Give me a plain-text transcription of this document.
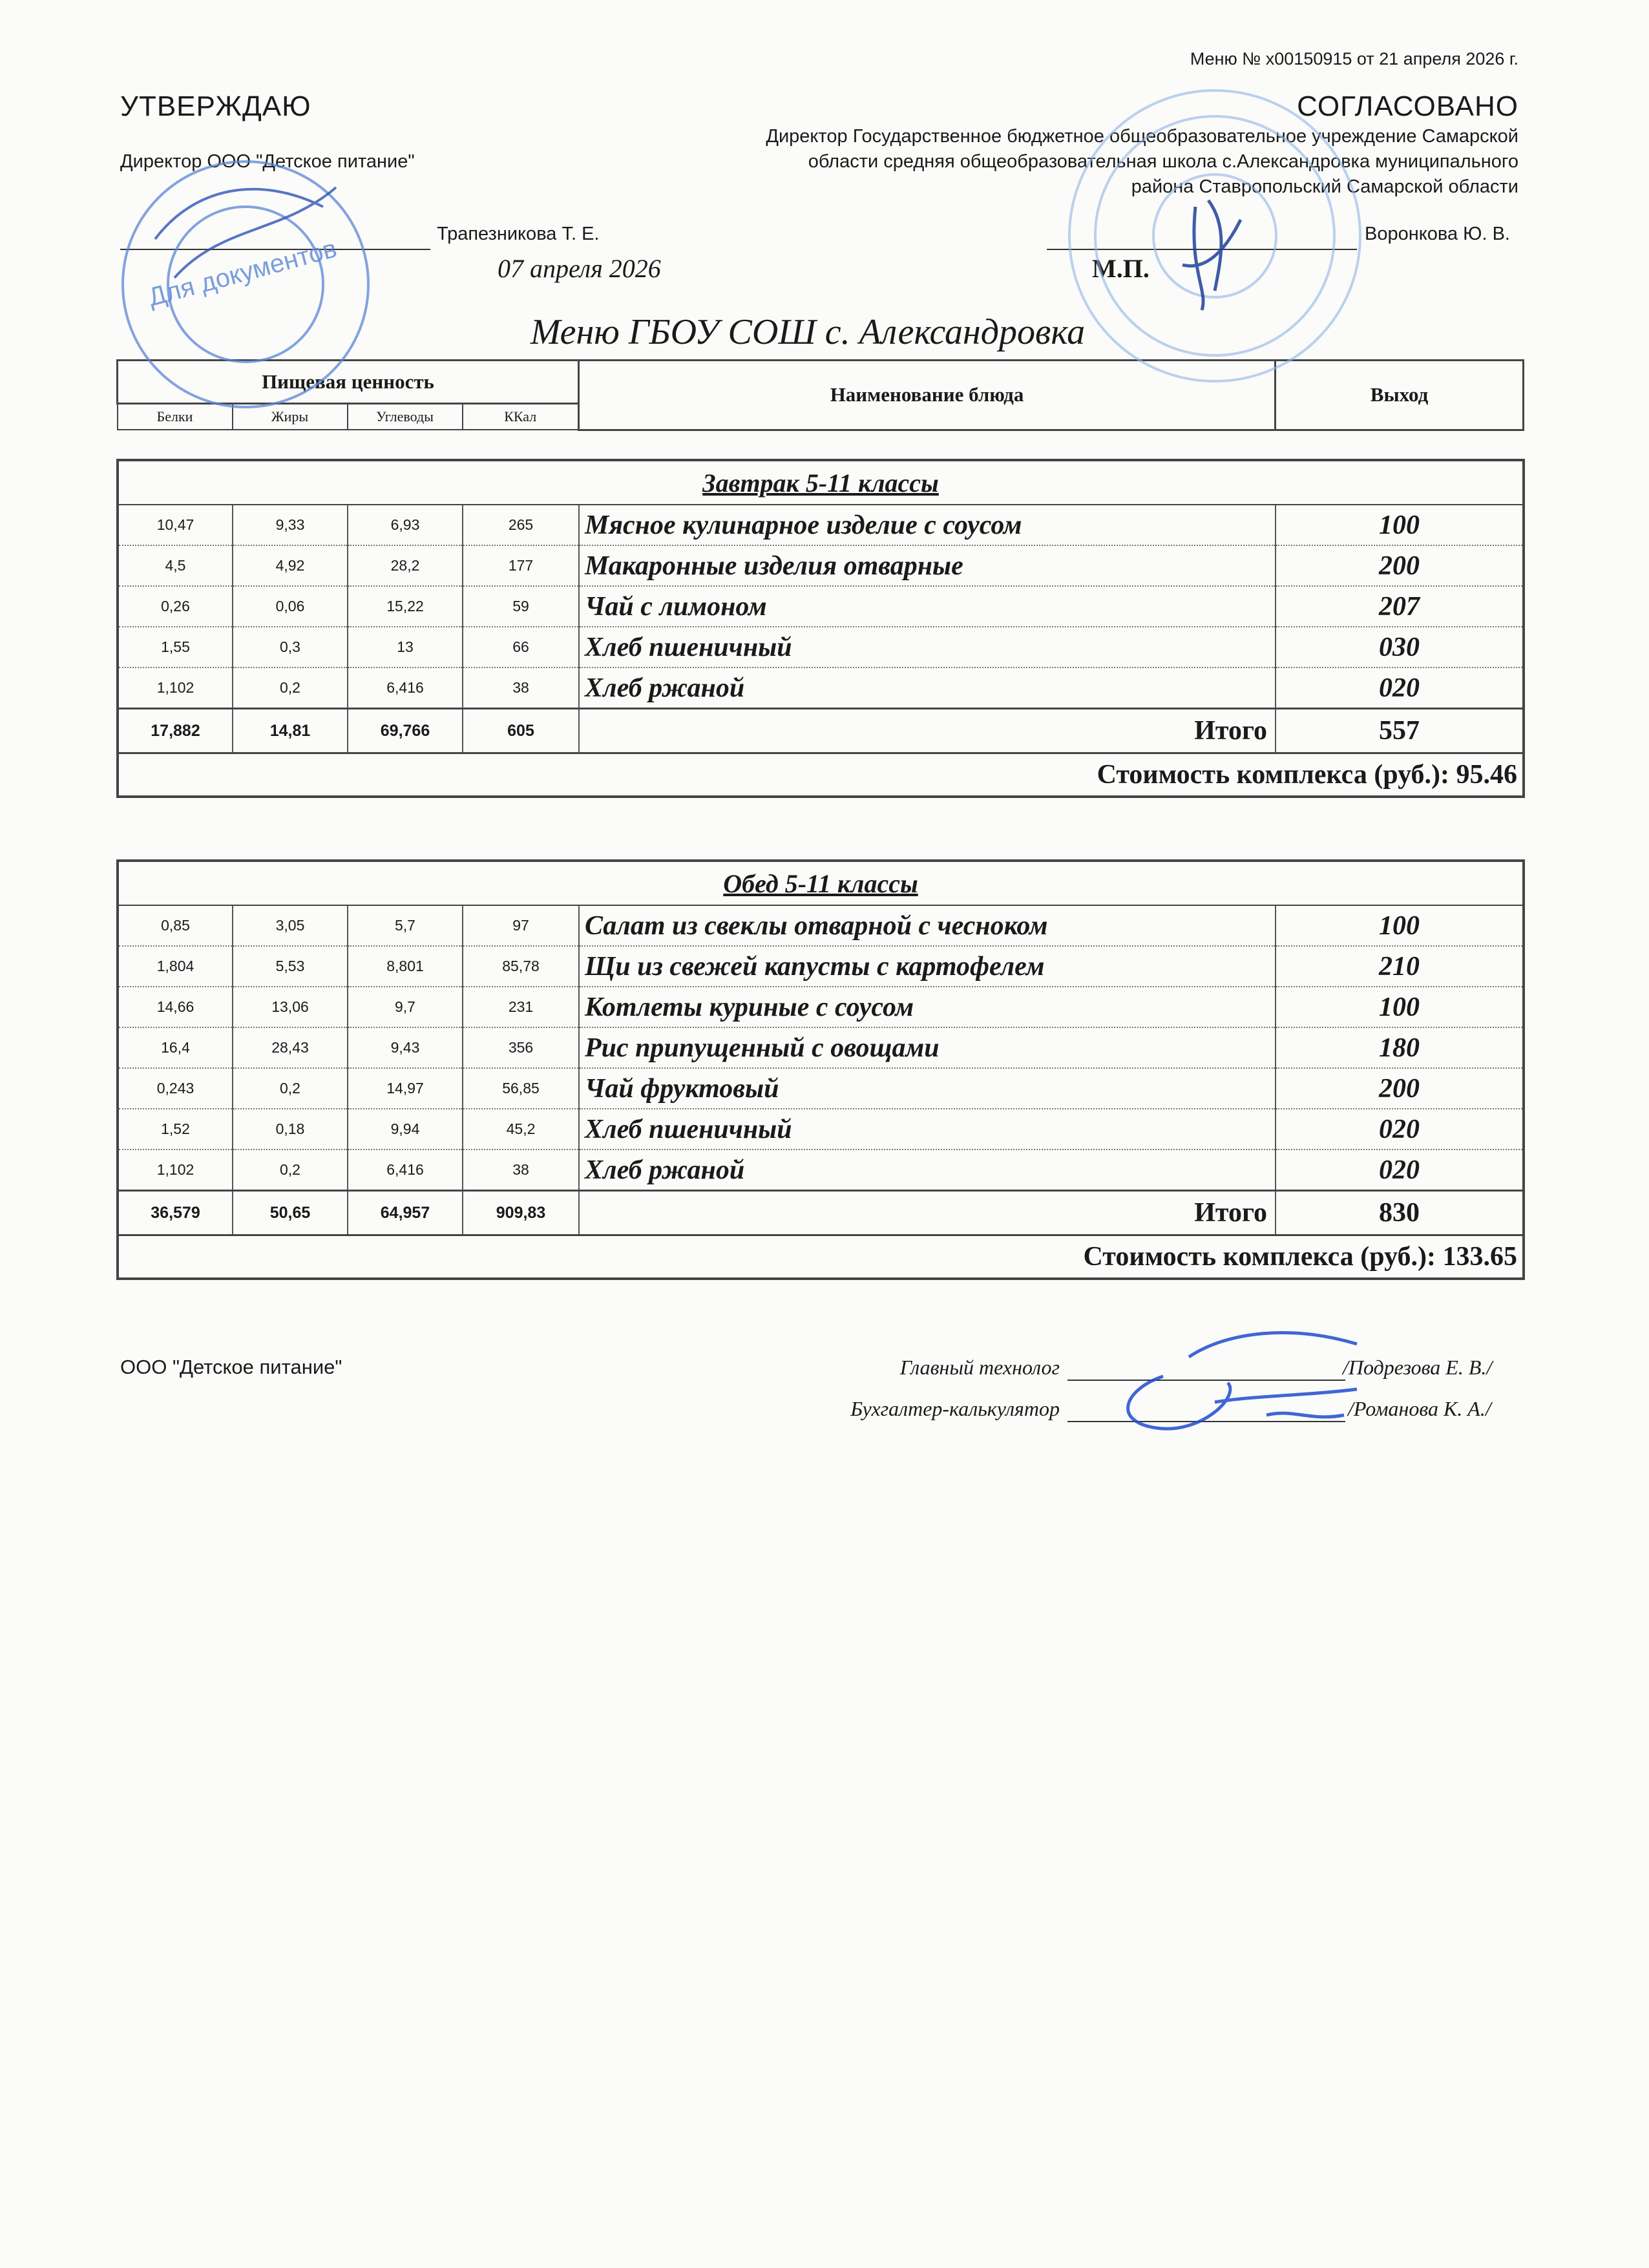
Меню № х00150915 от 21 апреля 2026 г.
УТВЕРЖДАЮ	СОГЛАСОВАНО
Директор ООО "Детское питание"
Директор Государственное бюджетное общеобразовательное учреждение Самарской
области средняя общеобразовательная школа с.Александровка муниципального
района Ставропольский Самарской области
Трапезникова Т. Е.	Воронкова Ю. В.
07 апреля 2026	М.П.
Меню ГБОУ СОШ с. Александровка
Пищевая ценность				Наименование блюда	Выход
Белки	Жиры	Углеводы	ККал		
Завтрак 5-11 классы					
10,47	9,33	6,93	265	Мясное кулинарное изделие с соусом	100
4,5	4,92	28,2	177	Макаронные изделия отварные	200
0,26	0,06	15,22	59	Чай с лимоном	207
1,55	0,3	13	66	Хлеб пшеничный	030
1,102	0,2	6,416	38	Хлеб ржаной	020
17,882	14,81	69,766	605	Итого	557
Стоимость комплекса (руб.): 95.46					
Обед 5-11 классы					
0,85	3,05	5,7	97	Салат из свеклы отварной с чесноком	100
1,804	5,53	8,801	85,78	Щи из свежей капусты с картофелем	210
14,66	13,06	9,7	231	Котлеты куриные с соусом	100
16,4	28,43	9,43	356	Рис припущенный с овощами	180
0,243	0,2	14,97	56,85	Чай фруктовый	200
1,52	0,18	9,94	45,2	Хлеб пшеничный	020
1,102	0,2	6,416	38	Хлеб ржаной	020
36,579	50,65	64,957	909,83	Итого	830
Стоимость комплекса (руб.): 133.65					
ООО "Детское питание"	Главный технолог	/Подрезова Е. В./
Бухгалтер-калькулятор	/Романова К. А./
Для документов
